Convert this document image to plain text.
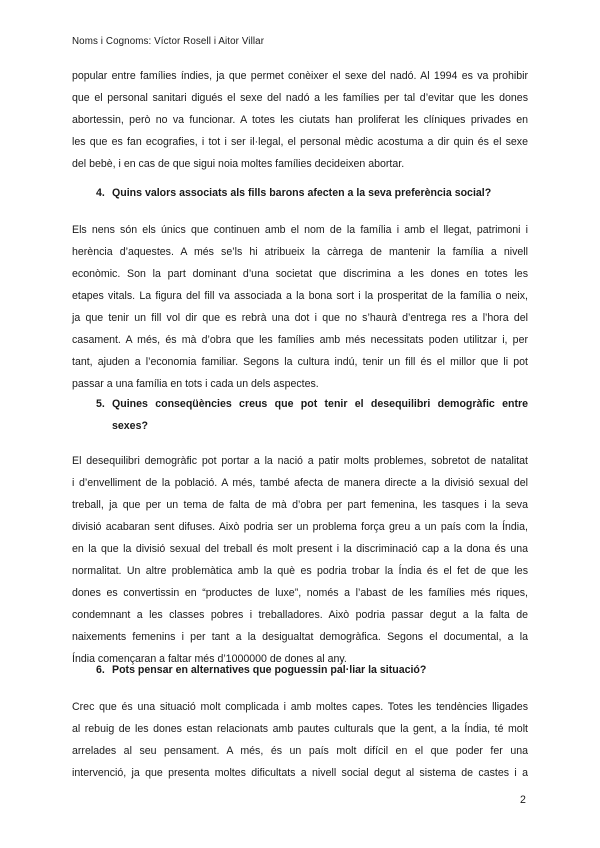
Noms i Cognoms: Víctor Rosell i Aitor Villar
popular entre famílies índies, ja que permet conèixer el sexe del nadó. Al 1994 es va prohibir
que el personal sanitari digués el sexe del nadó a les famílies per tal d’evitar que les dones
abortessin, però no va funcionar. A totes les ciutats han proliferat les clíniques privades en
les que es fan ecografies, i tot i ser il·legal, el personal mèdic acostuma a dir quin és el sexe
del bebè, i en cas de que sigui noia moltes famílies decideixen abortar.
4. Quins valors associats als fills barons afecten a la seva preferència social?
Els nens són els únics que continuen amb el nom de la família i amb el llegat, patrimoni i
herència d’aquestes. A més se’ls hi atribueix la càrrega de mantenir la família a nivell
econòmic. Son la part dominant d’una societat que discrimina a les dones en totes les
etapes vitals. La figura del fill va associada a la bona sort i la prosperitat de la família o neix,
ja que tenir un fill vol dir que es rebrà una dot i que no s’haurà d’entrega res a l’hora del
casament. A més, és mà d’obra que les famílies amb més necessitats poden utilitzar i, per
tant, ajuden a l’economia familiar. Segons la cultura indú, tenir un fill és el millor que li pot
passar a una família en tots i cada un dels aspectes.
5. Quines conseqüències creus que pot tenir el desequilibri demogràfic entre
sexes?
El desequilibri demogràfic pot portar a la nació a patir molts problemes, sobretot de natalitat
i d’envelliment de la població. A més, també afecta de manera directe a la divisió sexual del
treball, ja que per un tema de falta de mà d’obra per part femenina, les tasques i la seva
divisió acabaran sent difuses. Això podria ser un problema força greu a un país com la Índia,
en la que la divisió sexual del treball és molt present i la discriminació cap a la dona és una
normalitat. Un altre problemàtica amb la què es podria trobar la Índia és el fet de que les
dones es convertissin en “productes de luxe”, només a l’abast de les famílies més riques,
condemnant a les classes pobres i treballadores. Això podria passar degut a la falta de
naixements femenins i per tant a la desigualtat demogràfica. Segons el documental, a la
Índia començaran a faltar més d’1000000 de dones al any.
6. Pots pensar en alternatives que poguessin pal·liar la situació?
Crec que és una situació molt complicada i amb moltes capes. Totes les tendències lligades
al rebuig de les dones estan relacionats amb pautes culturals que la gent, a la Índia, té molt
arrelades al seu pensament. A més, és un país molt difícil en el que poder fer una
intervenció, ja que presenta moltes dificultats a nivell social degut al sistema de castes i a
2
